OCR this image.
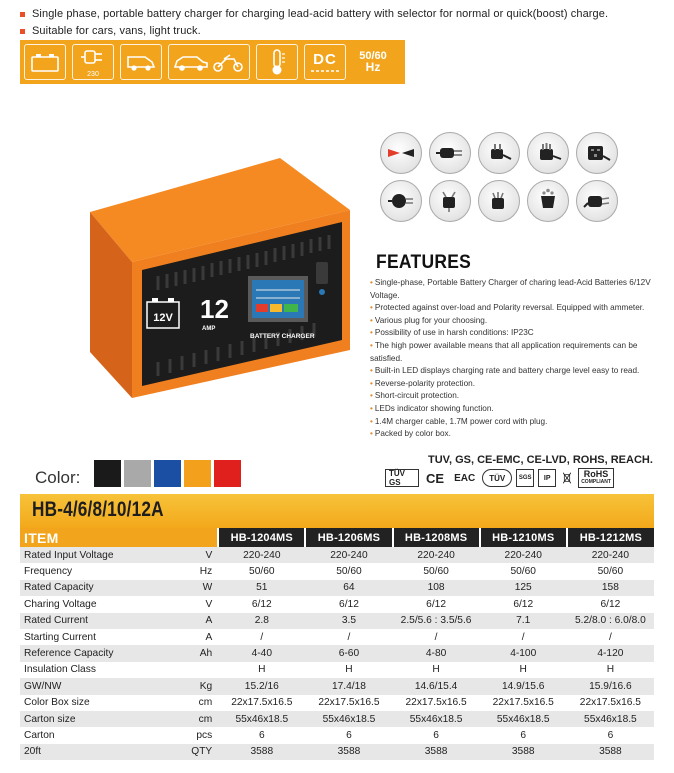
Single phase, portable battery charger for charging lead-acid battery with selector for normal or quick(boost) charge.
Suitable for cars, vans, light truck.
230
DC 50/60
Hz
12V 12
AMP
BATTERY CHARGER
FEATURES
• Single-phase, Portable Battery Charger of charing lead-Acid Batteries 6/12V Voltage.
• Protected against over-load and Polarity reversal. Equipped with ammeter.
• Various plug for your choosing.
• Possibility of use in harsh conditions: IP23C
• The high power available means that all application requirements can be satisfied.
• Built-in LED displays charging rate and battery charge level easy to read.
• Reverse-polarity protection.
• Short-circuit protection.
• LEDs indicator showing function.
• 1.4M charger cable, 1.7M power cord with plug.
• Packed by color box.
TUV, GS, CE-EMC, CE-LVD, ROHS, REACH.
TÜV GS	CE	EAC	TÜV	SGS	IP	RoHS
COMPLIANT
Color:
HB-4/6/8/10/12A
ITEM		HB-1204MS	HB-1206MS	HB-1208MS	HB-1210MS	HB-1212MS
Rated Input Voltage	V	220-240	220-240	220-240	220-240	220-240
Frequency	Hz	50/60	50/60	50/60	50/60	50/60
Rated Capacity	W	51	64	108	125	158
Charing Voltage	V	6/12	6/12	6/12	6/12	6/12
Rated Current	A	2.8	3.5	2.5/5.6 : 3.5/5.6	7.1	5.2/8.0 : 6.0/8.0
Starting Current	A	/	/	/	/	/
Reference Capacity	Ah	4-40	6-60	4-80	4-100	4-120
Insulation Class		H	H	H	H	H
GW/NW	Kg	15.2/16	17.4/18	14.6/15.4	14.9/15.6	15.9/16.6
Color Box size	cm	22x17.5x16.5	22x17.5x16.5	22x17.5x16.5	22x17.5x16.5	22x17.5x16.5
Carton size	cm	55x46x18.5	55x46x18.5	55x46x18.5	55x46x18.5	55x46x18.5
Carton	pcs	6	6	6	6	6
20ft	QTY	3588	3588	3588	3588	3588
